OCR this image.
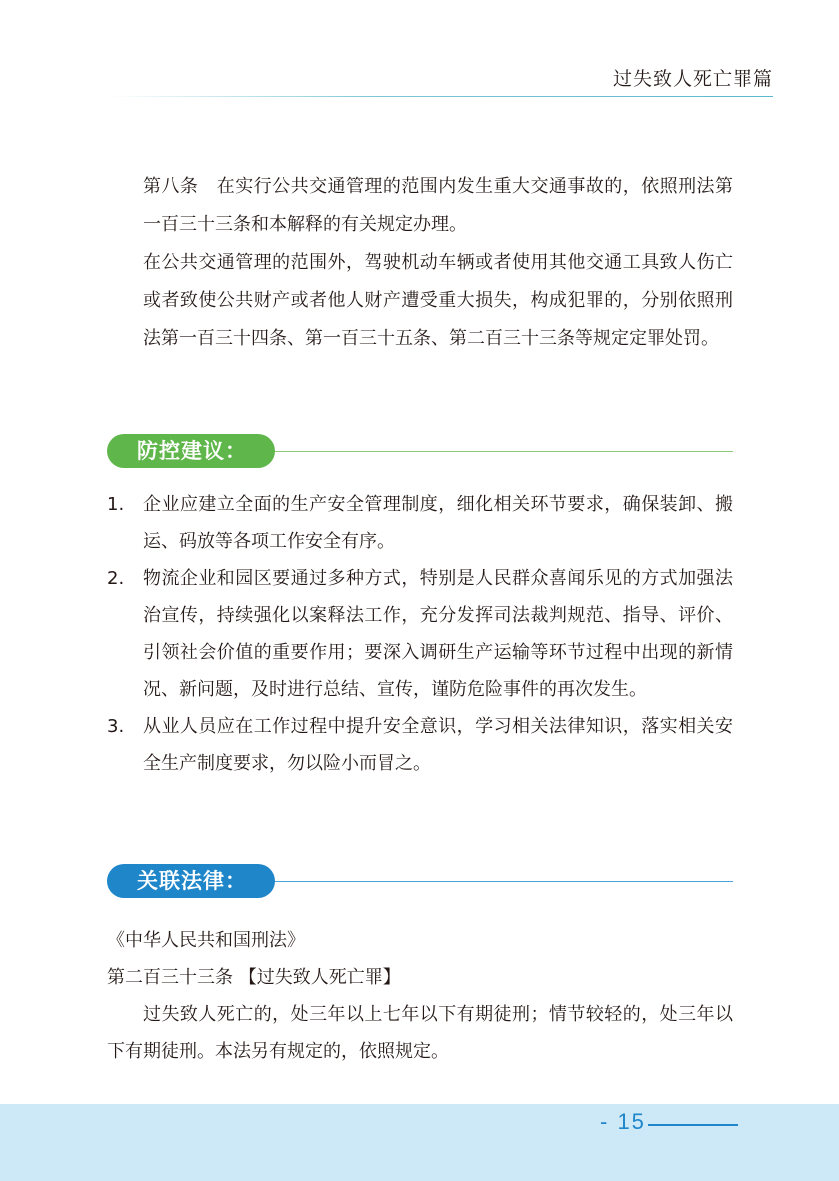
过失致人死亡罪篇

第八条　在实行公共交通管理的范围内发生重大交通事故的，依照刑法第一百三十三条和本解释的有关规定办理。

在公共交通管理的范围外，驾驶机动车辆或者使用其他交通工具致人伤亡或者致使公共财产或者他人财产遭受重大损失，构成犯罪的，分别依照刑法第一百三十四条、第一百三十五条、第二百三十三条等规定定罪处罚。

防控建议：
1. 企业应建立全面的生产安全管理制度，细化相关环节要求，确保装卸、搬运、码放等各项工作安全有序。
2. 物流企业和园区要通过多种方式，特别是人民群众喜闻乐见的方式加强法治宣传，持续强化以案释法工作，充分发挥司法裁判规范、指导、评价、引领社会价值的重要作用；要深入调研生产运输等环节过程中出现的新情况、新问题，及时进行总结、宣传，谨防危险事件的再次发生。
3. 从业人员应在工作过程中提升安全意识，学习相关法律知识，落实相关安全生产制度要求，勿以险小而冒之。
关联法律：

《中华人民共和国刑法》

第二百三十三条 【过失致人死亡罪】

过失致人死亡的，处三年以上七年以下有期徒刑；情节较轻的，处三年以下有期徒刑。本法另有规定的，依照规定。

- 15
